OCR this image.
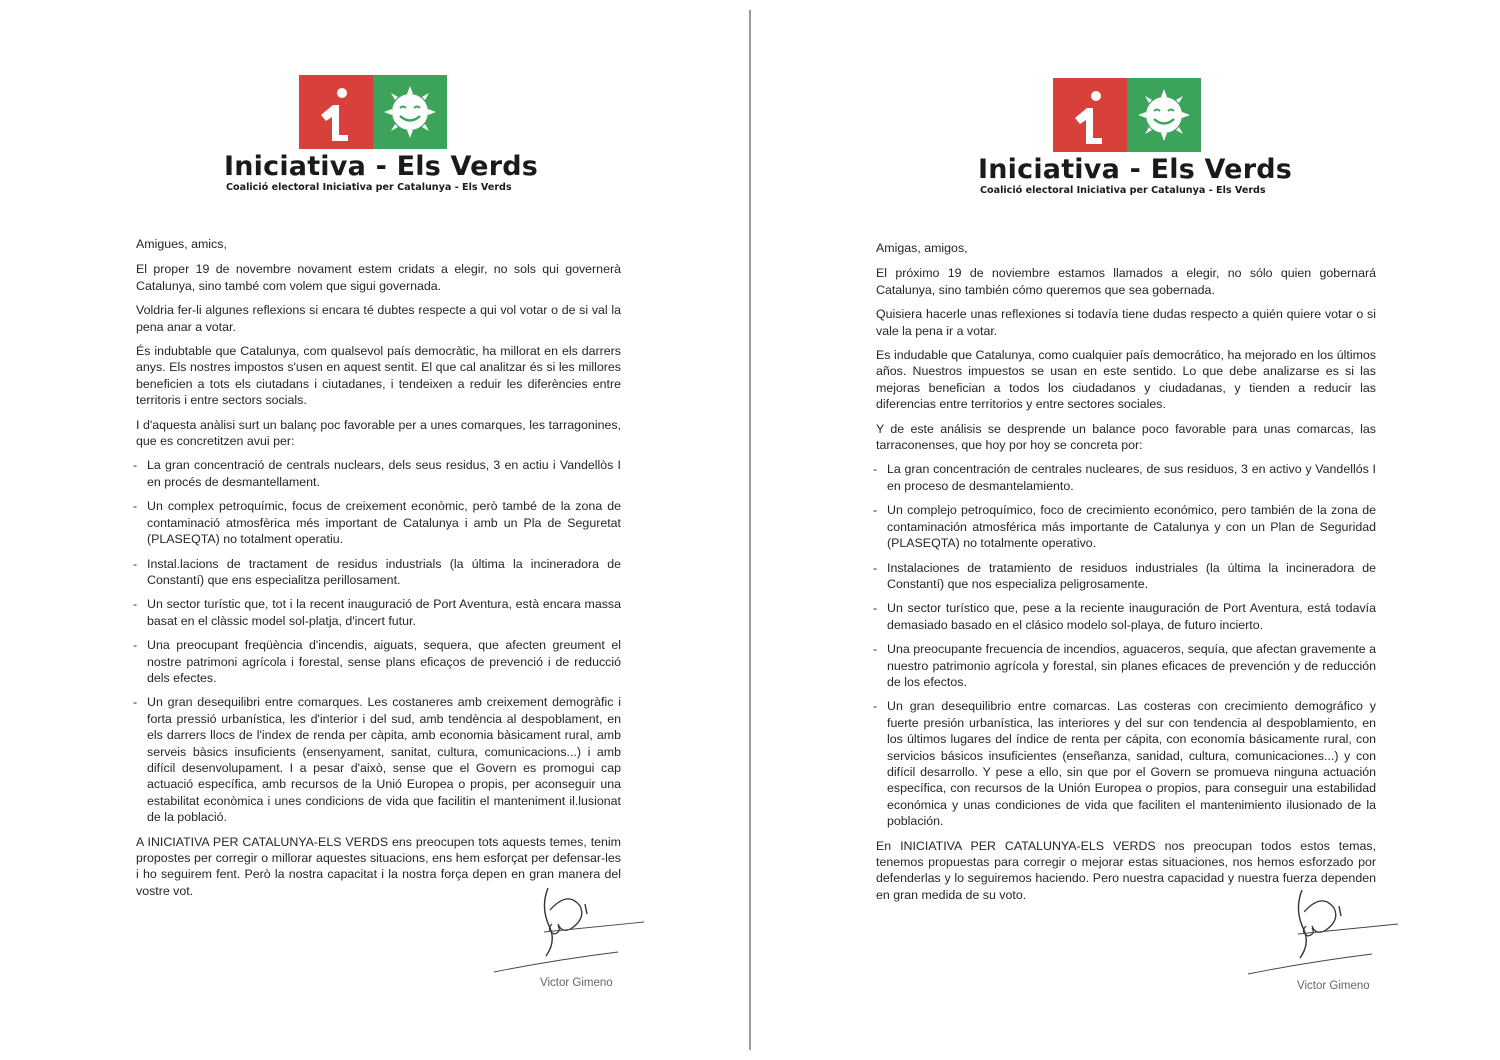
Iniciativa - Els Verds
Coalició electoral Iniciativa per Catalunya - Els Verds

Amigues, amics,

El proper 19 de novembre novament estem cridats a elegir, no sols qui governerà Catalunya, sino també com volem que sigui governada.

Voldria fer-li algunes reflexions si encara té dubtes respecte a qui vol votar o de si val la pena anar a votar.

És indubtable que Catalunya, com qualsevol país democràtic, ha millorat en els darrers anys. Els nostres impostos s'usen en aquest sentit. El que cal analitzar és si les millores beneficien a tots els ciutadans i ciutadanes, i tendeixen a reduir les diferències entre territoris i entre sectors socials.

I d'aquesta anàlisi surt un balanç poc favorable per a unes comarques, les tarragonines, que es concretitzen avui per:

- La gran concentració de centrals nuclears, dels seus residus, 3 en actiu i Vandellòs I en procés de desmantellament.
- Un complex petroquímic, focus de creixement econòmic, però també de la zona de contaminació atmosfèrica més important de Catalunya i amb un Pla de Seguretat (PLASEQTA) no totalment operatiu.
- Instal.lacions de tractament de residus industrials (la última la incineradora de Constantí) que ens especialitza perillosament.
- Un sector turístic que, tot i la recent inauguració de Port Aventura, està encara massa basat en el clàssic model sol-platja, d'incert futur.
- Una preocupant freqüència d'incendis, aiguats, sequera, que afecten greument el nostre patrimoni agrícola i forestal, sense plans eficaços de prevenció i de reducció dels efectes.
- Un gran desequilibri entre comarques. Les costaneres amb creixement demogràfic i forta pressió urbanística, les d'interior i del sud, amb tendència al despoblament, en els darrers llocs de l'index de renda per càpita, amb economia bàsicament rural, amb serveis bàsics insuficients (ensenyament, sanitat, cultura, comunicacions...) i amb difícil desenvolupament. I a pesar d'això, sense que el Govern es promogui cap actuació específica, amb recursos de la Unió Europea o propis, per aconseguir una estabilitat econòmica i unes condicions de vida que facilitin el manteniment il.lusionat de la població.

A INICIATIVA PER CATALUNYA-ELS VERDS ens preocupen tots aquests temes, tenim propostes per corregir o millorar aquestes situacions, ens hem esforçat per defensar-les i ho seguirem fent. Però la nostra capacitat i la nostra força depen en gran manera del vostre vot.

Victor Gimeno
Iniciativa - Els Verds
Coalició electoral Iniciativa per Catalunya - Els Verds

Amigas, amigos,

El próximo 19 de noviembre estamos llamados a elegir, no sólo quien gobernará Catalunya, sino también cómo queremos que sea gobernada.

Quisiera hacerle unas reflexiones si todavía tiene dudas respecto a quién quiere votar o si vale la pena ir a votar.

Es indudable que Catalunya, como cualquier país democrático, ha mejorado en los últimos años. Nuestros impuestos se usan en este sentido. Lo que debe analizarse es si las mejoras benefician a todos los ciudadanos y ciudadanas, y tienden a reducir las diferencias entre territorios y entre sectores sociales.

Y de este análisis se desprende un balance poco favorable para unas comarcas, las tarraconenses, que hoy por hoy se concreta por:

- La gran concentración de centrales nucleares, de sus residuos, 3 en activo y Vandellós I en proceso de desmantelamiento.
- Un complejo petroquímico, foco de crecimiento económico, pero también de la zona de contaminación atmosférica más importante de Catalunya y con un Plan de Seguridad (PLASEQTA) no totalmente operativo.
- Instalaciones de tratamiento de residuos industriales (la última la incineradora de Constantí) que nos especializa peligrosamente.
- Un sector turístico que, pese a la reciente inauguración de Port Aventura, está todavía demasiado basado en el clásico modelo sol-playa, de futuro incierto.
- Una preocupante frecuencia de incendios, aguaceros, sequía, que afectan gravemente a nuestro patrimonio agrícola y forestal, sin planes eficaces de prevención y de reducción de los efectos.
- Un gran desequilibrio entre comarcas. Las costeras con crecimiento demográfico y fuerte presión urbanística, las interiores y del sur con tendencia al despoblamiento, en los últimos lugares del índice de renta per cápita, con economía básicamente rural, con servicios básicos insuficientes (enseñanza, sanidad, cultura, comunicaciones...) y con difícil desarrollo. Y pese a ello, sin que por el Govern se promueva ninguna actuación específica, con recursos de la Unión Europea o propios, para conseguir una estabilidad económica y unas condiciones de vida que faciliten el mantenimiento ilusionado de la población.

En INICIATIVA PER CATALUNYA-ELS VERDS nos preocupan todos estos temas, tenemos propuestas para corregir o mejorar estas situaciones, nos hemos esforzado por defenderlas y lo seguiremos haciendo. Pero nuestra capacidad y nuestra fuerza dependen en gran medida de su voto.

Victor Gimeno
